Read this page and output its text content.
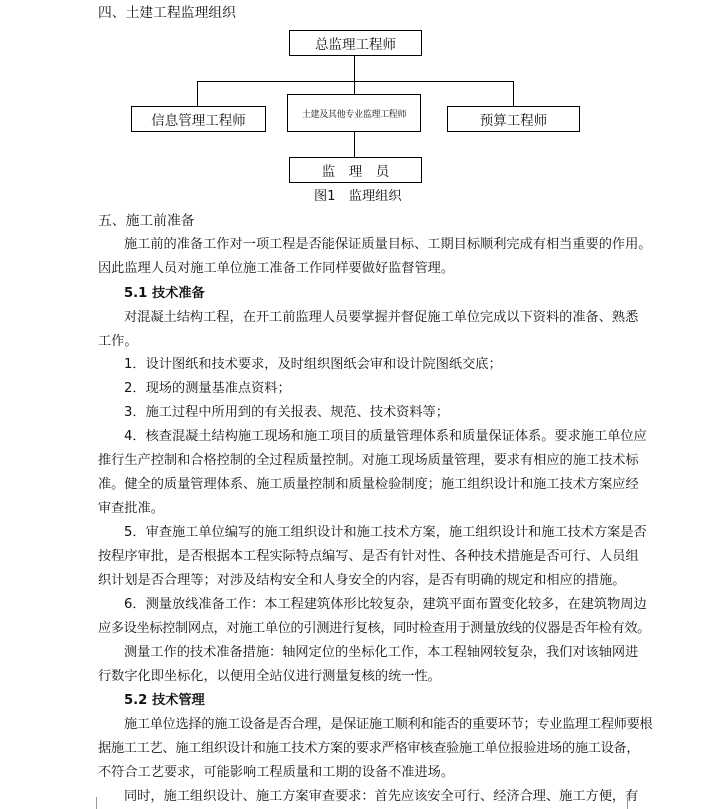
四、土建工程监理组织
总监理工程师
信息管理工程师	土建及其他专业监理工程师	预算工程师
监　理　员
图1　监理组织
五、施工前准备
施工前的准备工作对一项工程是否能保证质量目标、工期目标顺利完成有相当重要的作用。
因此监理人员对施工单位施工准备工作同样要做好监督管理。
5.1 技术准备
对混凝土结构工程，在开工前监理人员要掌握并督促施工单位完成以下资料的准备、熟悉
工作。
1．设计图纸和技术要求，及时组织图纸会审和设计院图纸交底；
2．现场的测量基准点资料；
3．施工过程中所用到的有关报表、规范、技术资料等；
4．核查混凝土结构施工现场和施工项目的质量管理体系和质量保证体系。要求施工单位应
推行生产控制和合格控制的全过程质量控制。对施工现场质量管理，要求有相应的施工技术标
准。健全的质量管理体系、施工质量控制和质量检验制度；施工组织设计和施工技术方案应经
审查批准。
5．审查施工单位编写的施工组织设计和施工技术方案，施工组织设计和施工技术方案是否
按程序审批，是否根据本工程实际特点编写、是否有针对性、各种技术措施是否可行、人员组
织计划是否合理等；对涉及结构安全和人身安全的内容，是否有明确的规定和相应的措施。
6．测量放线准备工作：本工程建筑体形比较复杂，建筑平面布置变化较多，在建筑物周边
应多设坐标控制网点，对施工单位的引测进行复核，同时检查用于测量放线的仪器是否年检有效。
测量工作的技术准备措施：轴网定位的坐标化工作，本工程轴网较复杂，我们对该轴网进
行数字化即坐标化，以便用全站仪进行测量复核的统一性。
5.2 技术管理
施工单位选择的施工设备是否合理，是保证施工顺利和能否的重要环节；专业监理工程师要根
据施工工艺、施工组织设计和施工技术方案的要求严格审核查验施工单位报验进场的施工设备，
不符合工艺要求，可能影响工程质量和工期的设备不准进场。
同时，施工组织设计、施工方案审查要求：首先应该安全可行、经济合理、施工方便，有
